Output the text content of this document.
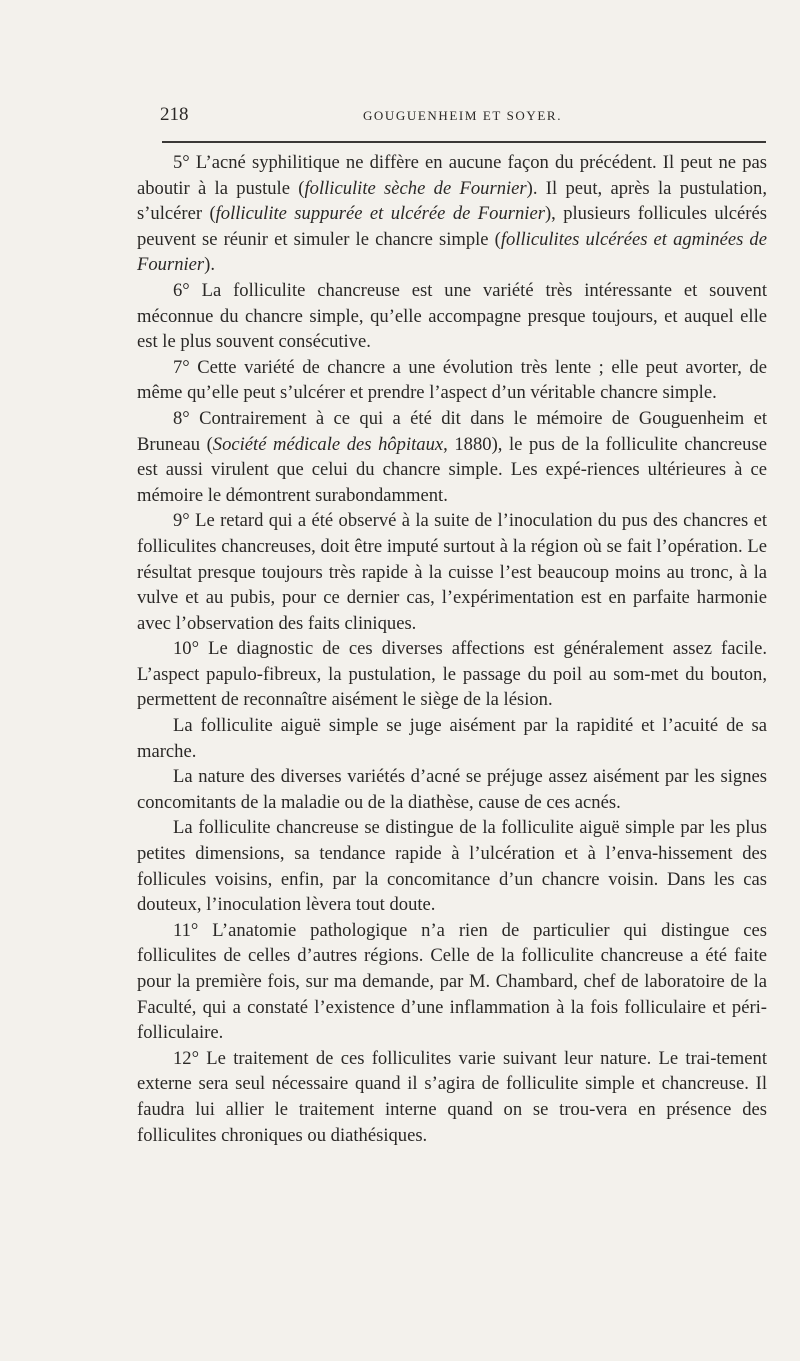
218	GOUGUENHEIM ET SOYER.

5° L’acné syphilitique ne diffère en aucune façon du précédent. Il peut ne pas aboutir à la pustule (folliculite sèche de Fournier). Il peut, après la pustulation, s’ulcérer (folliculite suppurée et ulcérée de Fournier), plusieurs follicules ulcérés peuvent se réunir et simuler le chancre simple (folliculites ulcérées et agminées de Fournier).

6° La folliculite chancreuse est une variété très intéressante et souvent méconnue du chancre simple, qu’elle accompagne presque toujours, et auquel elle est le plus souvent consécutive.

7° Cette variété de chancre a une évolution très lente ; elle peut avorter, de même qu’elle peut s’ulcérer et prendre l’aspect d’un véritable chancre simple.

8° Contrairement à ce qui a été dit dans le mémoire de Gouguenheim et Bruneau (Société médicale des hôpitaux, 1880), le pus de la folliculite chancreuse est aussi virulent que celui du chancre simple. Les expé-riences ultérieures à ce mémoire le démontrent surabondamment.

9° Le retard qui a été observé à la suite de l’inoculation du pus des chancres et folliculites chancreuses, doit être imputé surtout à la région où se fait l’opération. Le résultat presque toujours très rapide à la cuisse l’est beaucoup moins au tronc, à la vulve et au pubis, pour ce dernier cas, l’expérimentation est en parfaite harmonie avec l’observation des faits cliniques.

10° Le diagnostic de ces diverses affections est généralement assez facile. L’aspect papulo-fibreux, la pustulation, le passage du poil au som-met du bouton, permettent de reconnaître aisément le siège de la lésion.

La folliculite aiguë simple se juge aisément par la rapidité et l’acuité de sa marche.

La nature des diverses variétés d’acné se préjuge assez aisément par les signes concomitants de la maladie ou de la diathèse, cause de ces acnés.

La folliculite chancreuse se distingue de la folliculite aiguë simple par les plus petites dimensions, sa tendance rapide à l’ulcération et à l’enva-hissement des follicules voisins, enfin, par la concomitance d’un chancre voisin. Dans les cas douteux, l’inoculation lèvera tout doute.

11° L’anatomie pathologique n’a rien de particulier qui distingue ces folliculites de celles d’autres régions. Celle de la folliculite chancreuse a été faite pour la première fois, sur ma demande, par M. Chambard, chef de laboratoire de la Faculté, qui a constaté l’existence d’une inflammation à la fois folliculaire et péri-folliculaire.

12° Le traitement de ces folliculites varie suivant leur nature. Le trai-tement externe sera seul nécessaire quand il s’agira de folliculite simple et chancreuse. Il faudra lui allier le traitement interne quand on se trou-vera en présence des folliculites chroniques ou diathésiques.
